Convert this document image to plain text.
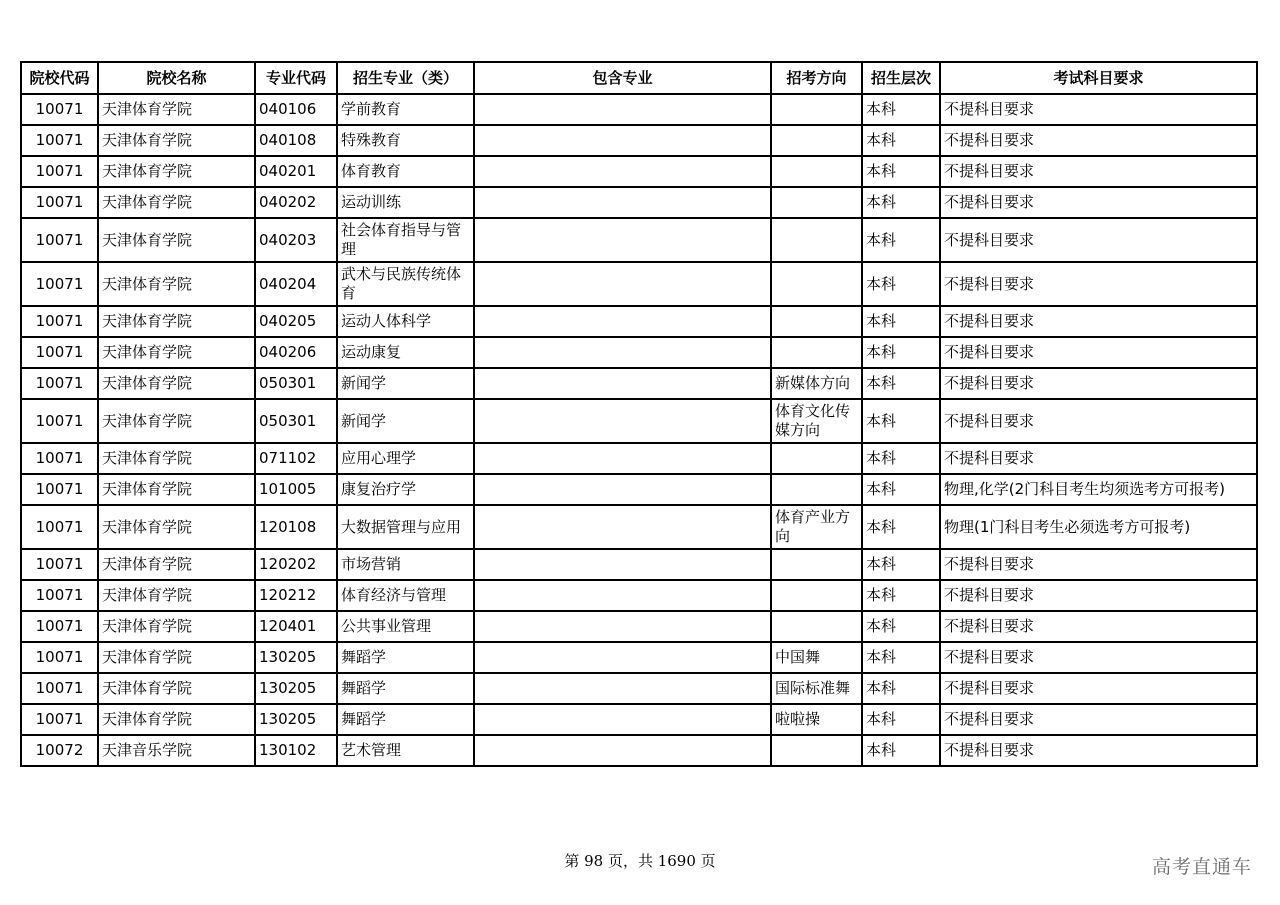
院校代码	院校名称	专业代码	招生专业（类）	包含专业	招考方向	招生层次	考试科目要求
10071	天津体育学院	040106	学前教育			本科	不提科目要求
10071	天津体育学院	040108	特殊教育			本科	不提科目要求
10071	天津体育学院	040201	体育教育			本科	不提科目要求
10071	天津体育学院	040202	运动训练			本科	不提科目要求
10071	天津体育学院	040203	社会体育指导与管理			本科	不提科目要求
10071	天津体育学院	040204	武术与民族传统体育			本科	不提科目要求
10071	天津体育学院	040205	运动人体科学			本科	不提科目要求
10071	天津体育学院	040206	运动康复			本科	不提科目要求
10071	天津体育学院	050301	新闻学		新媒体方向	本科	不提科目要求
10071	天津体育学院	050301	新闻学		体育文化传媒方向	本科	不提科目要求
10071	天津体育学院	071102	应用心理学			本科	不提科目要求
10071	天津体育学院	101005	康复治疗学			本科	物理,化学(2门科目考生均须选考方可报考)
10071	天津体育学院	120108	大数据管理与应用		体育产业方向	本科	物理(1门科目考生必须选考方可报考)
10071	天津体育学院	120202	市场营销			本科	不提科目要求
10071	天津体育学院	120212	体育经济与管理			本科	不提科目要求
10071	天津体育学院	120401	公共事业管理			本科	不提科目要求
10071	天津体育学院	130205	舞蹈学		中国舞	本科	不提科目要求
10071	天津体育学院	130205	舞蹈学		国际标准舞	本科	不提科目要求
10071	天津体育学院	130205	舞蹈学		啦啦操	本科	不提科目要求
10072	天津音乐学院	130102	艺术管理			本科	不提科目要求
第 98 页，共 1690 页	高考直通车
